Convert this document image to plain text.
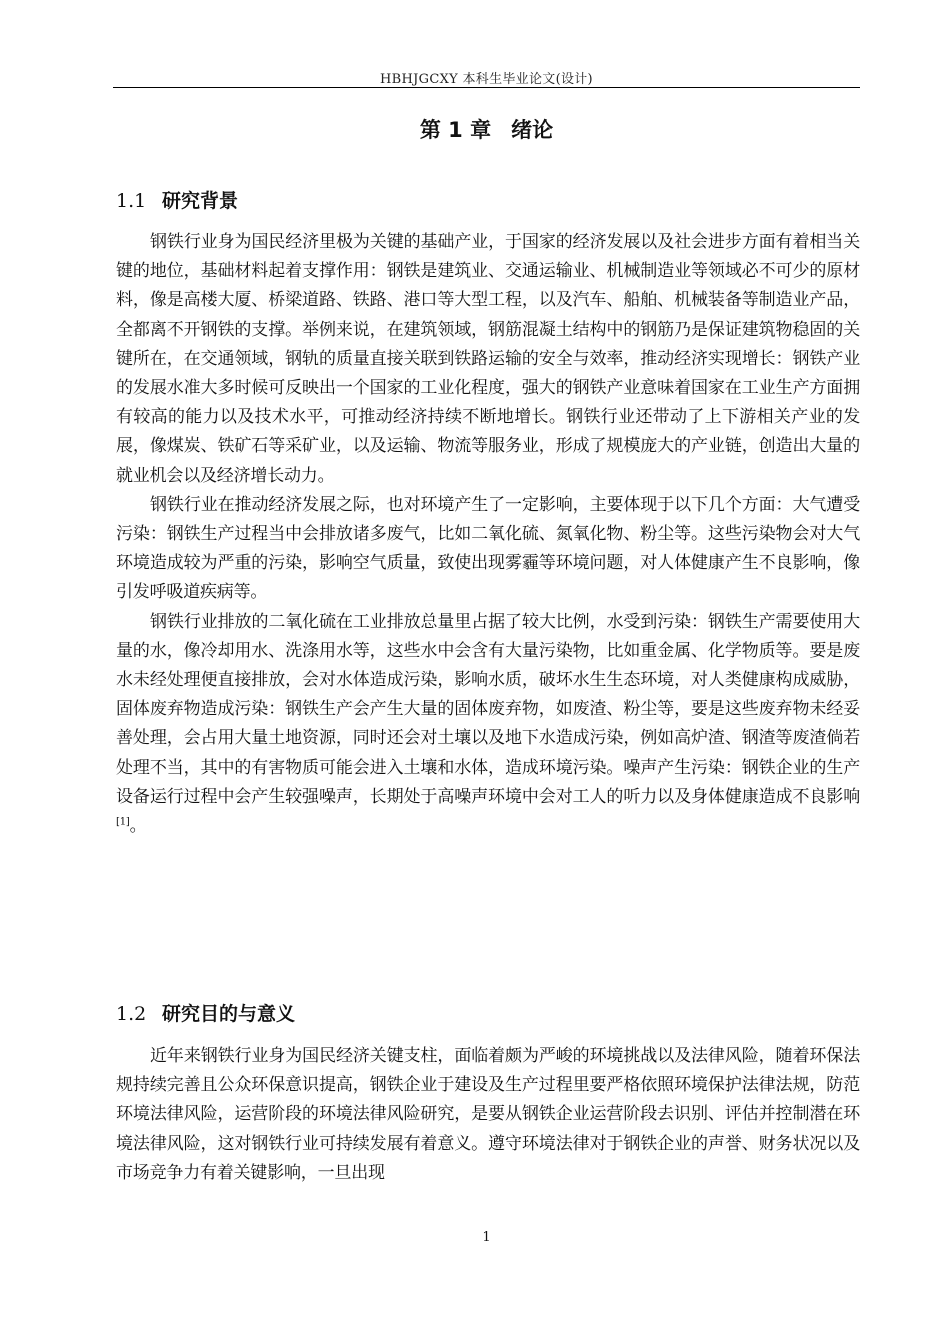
HBHJGCXY 本科生毕业论文(设计)
第 1 章 绪论
1.1 研究背景

钢铁行业身为国民经济里极为关键的基础产业，于国家的经济发展以及社会进步方面有着相当关键的地位，基础材料起着支撑作用：钢铁是建筑业、交通运输业、机械制造业等领域必不可少的原材料，像是高楼大厦、桥梁道路、铁路、港口等大型工程，以及汽车、船舶、机械装备等制造业产品，全都离不开钢铁的支撑。举例来说，在建筑领域，钢筋混凝土结构中的钢筋乃是保证建筑物稳固的关键所在，在交通领域，钢轨的质量直接关联到铁路运输的安全与效率，推动经济实现增长：钢铁产业的发展水准大多时候可反映出一个国家的工业化程度，强大的钢铁产业意味着国家在工业生产方面拥有较高的能力以及技术水平，可推动经济持续不断地增长。钢铁行业还带动了上下游相关产业的发展，像煤炭、铁矿石等采矿业，以及运输、物流等服务业，形成了规模庞大的产业链，创造出大量的就业机会以及经济增长动力。

钢铁行业在推动经济发展之际，也对环境产生了一定影响，主要体现于以下几个方面：大气遭受污染：钢铁生产过程当中会排放诸多废气，比如二氧化硫、氮氧化物、粉尘等。这些污染物会对大气环境造成较为严重的污染，影响空气质量，致使出现雾霾等环境问题，对人体健康产生不良影响，像引发呼吸道疾病等。

钢铁行业排放的二氧化硫在工业排放总量里占据了较大比例，水受到污染：钢铁生产需要使用大量的水，像冷却用水、洗涤用水等，这些水中会含有大量污染物，比如重金属、化学物质等。要是废水未经处理便直接排放，会对水体造成污染，影响水质，破坏水生生态环境，对人类健康构成威胁，固体废弃物造成污染：钢铁生产会产生大量的固体废弃物，如废渣、粉尘等，要是这些废弃物未经妥善处理，会占用大量土地资源，同时还会对土壤以及地下水造成污染，例如高炉渣、钢渣等废渣倘若处理不当，其中的有害物质可能会进入土壤和水体，造成环境污染。噪声产生污染：钢铁企业的生产设备运行过程中会产生较强噪声，长期处于高噪声环境中会对工人的听力以及身体健康造成不良影响[1]。

1.2 研究目的与意义

近年来钢铁行业身为国民经济关键支柱，面临着颇为严峻的环境挑战以及法律风险，随着环保法规持续完善且公众环保意识提高，钢铁企业于建设及生产过程里要严格依照环境保护法律法规，防范环境法律风险，运营阶段的环境法律风险研究，是要从钢铁企业运营阶段去识别、评估并控制潜在环境法律风险，这对钢铁行业可持续发展有着意义。遵守环境法律对于钢铁企业的声誉、财务状况以及市场竞争力有着关键影响，一旦出现

1
